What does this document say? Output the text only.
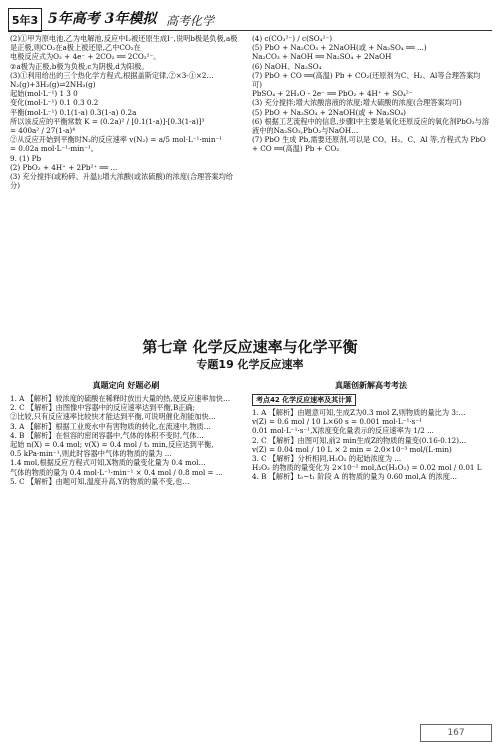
5年3 5年高考 3年模拟 高考化学

(2)①甲为原电池,乙为电解池,反应中I₂被还原生成I⁻,说明b极是负极,a极是正极,则CO₂在a极上被还原,乙中CO₂在

电极反应式为O₂ + 4e⁻ + 2CO₂ ══ 2CO₃²⁻。

②a极为正极,b极为负极,c为阴极,d为阳极。

(3)①利用给出的三个热化学方程式,根据盖斯定律,②×3-①×2…

N₂(g)+3H₂(g)⇌2NH₃(g)

起始(mol·L⁻¹) 1 3 0

变化(mol·L⁻¹) 0.1 0.3 0.2

平衡(mol·L⁻¹) 0.1(1-a) 0.3(1-a) 0.2a

所以该反应的平衡常数 K = (0.2a)² / [0.1(1-a)]·[0.3(1-a)]³

= 400a² / 27(1-a)⁴

②从反应开始到平衡时N₂的反应速率 v(N₂) = a/5 mol·L⁻¹·min⁻¹

= 0.02a mol·L⁻¹·min⁻¹。

9. (1) Pb

(2) PbO₂ + 4H⁺ + 2Pb²⁺ ══ ...

(3) 充分搅拌(或粉碎、升温);增大浓酸(或浓硫酸)的浓度(合理答案均给分)

(4) c(CO₃²⁻) / c(SO₄²⁻)

(5) PbO + Na₂CO₃ + 2NaOH(或 + Na₂SO₄ ══ ...)

Na₂CO₃ + NaOH ══ Na₂SO₄ + 2NaOH

(6) NaOH、Na₂SO₄

(7) PbO + CO ══(高温) Pb + CO₂(还原剂为C、H₂、Al等合理答案均可)

PbSO₄ + 2H₂O - 2e⁻ ══ PbO₂ + 4H⁺ + SO₄²⁻

(3) 充分搅拌;增大浓酸溶液的浓度;增大硫酸的浓度(合理答案均可)

(5) PbO + Na₂SO₄ + 2NaOH(或 + Na₂SO₄)

(6) 根据工艺流程中的信息,步骤Ⅰ中主要是氧化还原反应的氧化剂PbO₂与溶液中的Na₂SO₃,PbO₂与NaOH…

(7) PbO 生成 Pb,需要还原剂,可以是 CO、H₂、C、Al 等,方程式为 PbO + CO ══(高温) Pb + CO₂

第七章 化学反应速率与化学平衡
专题19 化学反应速率
真题定向 好题必刷

1. A 【解析】较浓度的硫酸在稀释时放出大量的热,使反应速率加快…

2. C 【解析】由图像中容器中的反应速率达到平衡,B正确;

②比较,只有反应速率比较快才能达到平衡,可说明催化剂能加快…

3. A 【解析】根据工业废水中有害物质的转化,在流速中,物质…

4. B 【解析】在恒容的密闭容器中,气体的体积不变时,气体…

起始 n(X) = 0.4 mol; v(X) = 0.4 mol / t₁ min,反应达到平衡,

0.5 kPa·min⁻¹,则此时容器中气体的物质的量为 ...

1.4 mol,根据反应方程式可知,X物质的量变化量为 0.4 mol…

气体的物质的量为 0.4 mol·L⁻¹·min⁻¹ × 0.4 mol / 0.8 mol = ...

5. C 【解析】由题可知,温度升高,Y的物质的量不变,也…

真题创新解高考考法
考点42 化学反应速率及其计算

1. A 【解析】由题意可知,生成Z为0.3 mol Z,则物质的量比为 3:…

v(Z) = 0.6 mol / 10 L×60 s = 0.001 mol·L⁻¹·s⁻¹

0.01 mol·L⁻¹·s⁻¹,X浓度变化量表示的反应速率为 1/2 ...

2. C 【解析】由图可知,前2 min生成Z的物质的量变(0.16-0.12)…

v(Z) = 0.04 mol / 10 L × 2 min = 2.0×10⁻³ mol/(L·min)

3. C 【解析】分析相同,H₂O₂ 的起始浓度为 ...

H₂O₂ 的物质的量变化为 2×10⁻² mol,Δc(H₂O₂) = 0.02 mol / 0.01 L

4. B 【解析】t₀~t₁ 阶段 A 的物质的量为 0.60 mol,A 的浓度…

167
